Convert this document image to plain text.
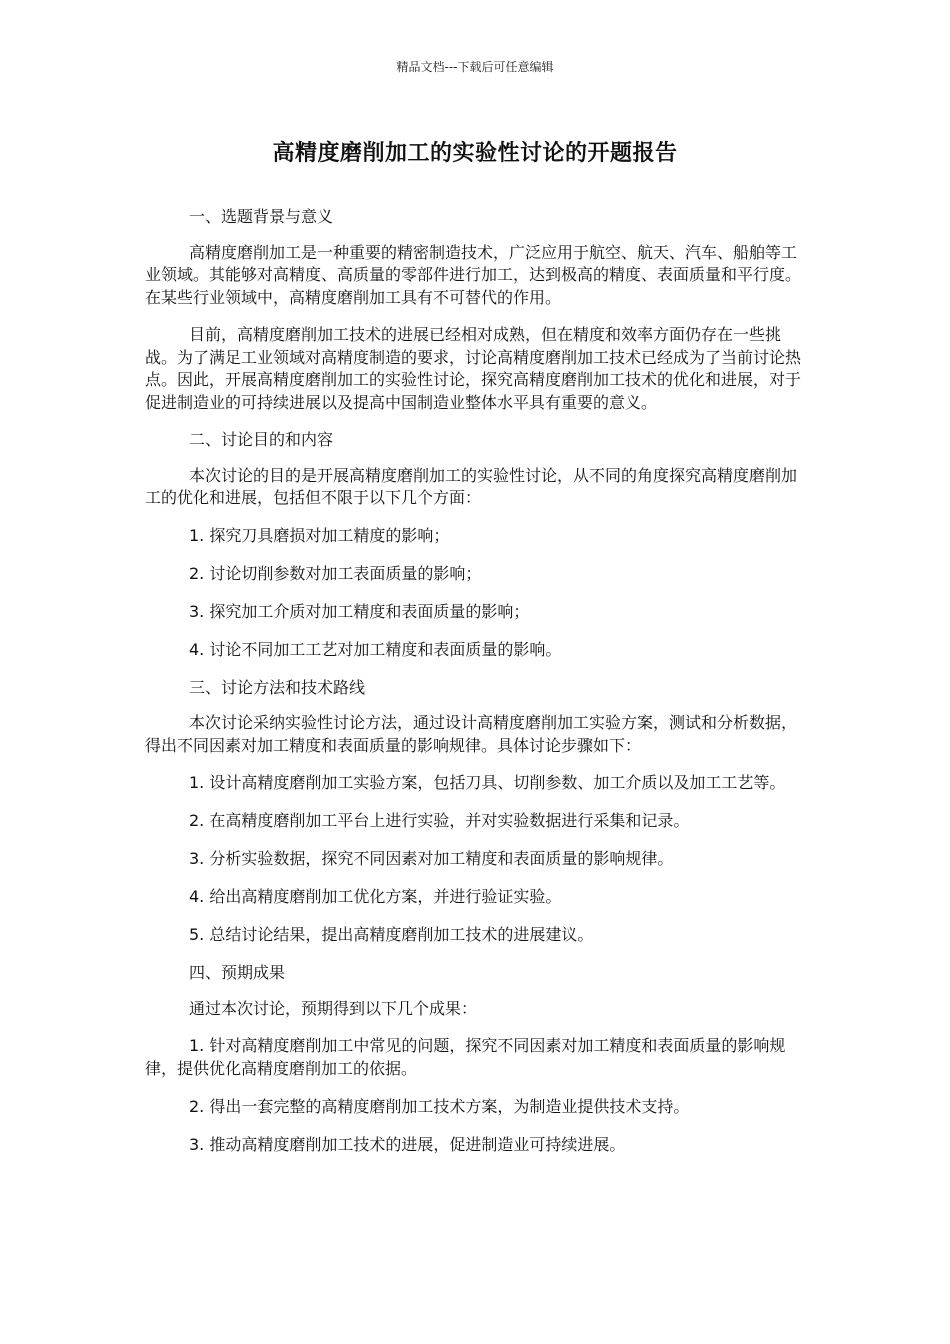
精品文档---下载后可任意编辑
高精度磨削加工的实验性讨论的开题报告

一、选题背景与意义

高精度磨削加工是一种重要的精密制造技术，广泛应用于航空、航天、汽车、船舶等工业领域。其能够对高精度、高质量的零部件进行加工，达到极高的精度、表面质量和平行度。在某些行业领域中，高精度磨削加工具有不可替代的作用。

目前，高精度磨削加工技术的进展已经相对成熟，但在精度和效率方面仍存在一些挑战。为了满足工业领域对高精度制造的要求，讨论高精度磨削加工技术已经成为了当前讨论热点。因此，开展高精度磨削加工的实验性讨论，探究高精度磨削加工技术的优化和进展，对于促进制造业的可持续进展以及提高中国制造业整体水平具有重要的意义。

二、讨论目的和内容

本次讨论的目的是开展高精度磨削加工的实验性讨论，从不同的角度探究高精度磨削加工的优化和进展，包括但不限于以下几个方面：

1. 探究刀具磨损对加工精度的影响；

2. 讨论切削参数对加工表面质量的影响；

3. 探究加工介质对加工精度和表面质量的影响；

4. 讨论不同加工工艺对加工精度和表面质量的影响。

三、讨论方法和技术路线

本次讨论采纳实验性讨论方法，通过设计高精度磨削加工实验方案，测试和分析数据，得出不同因素对加工精度和表面质量的影响规律。具体讨论步骤如下：

1. 设计高精度磨削加工实验方案，包括刀具、切削参数、加工介质以及加工工艺等。

2. 在高精度磨削加工平台上进行实验，并对实验数据进行采集和记录。

3. 分析实验数据，探究不同因素对加工精度和表面质量的影响规律。

4. 给出高精度磨削加工优化方案，并进行验证实验。

5. 总结讨论结果，提出高精度磨削加工技术的进展建议。

四、预期成果

通过本次讨论，预期得到以下几个成果：

1. 针对高精度磨削加工中常见的问题，探究不同因素对加工精度和表面质量的影响规律，提供优化高精度磨削加工的依据。

2. 得出一套完整的高精度磨削加工技术方案，为制造业提供技术支持。

3. 推动高精度磨削加工技术的进展，促进制造业可持续进展。
